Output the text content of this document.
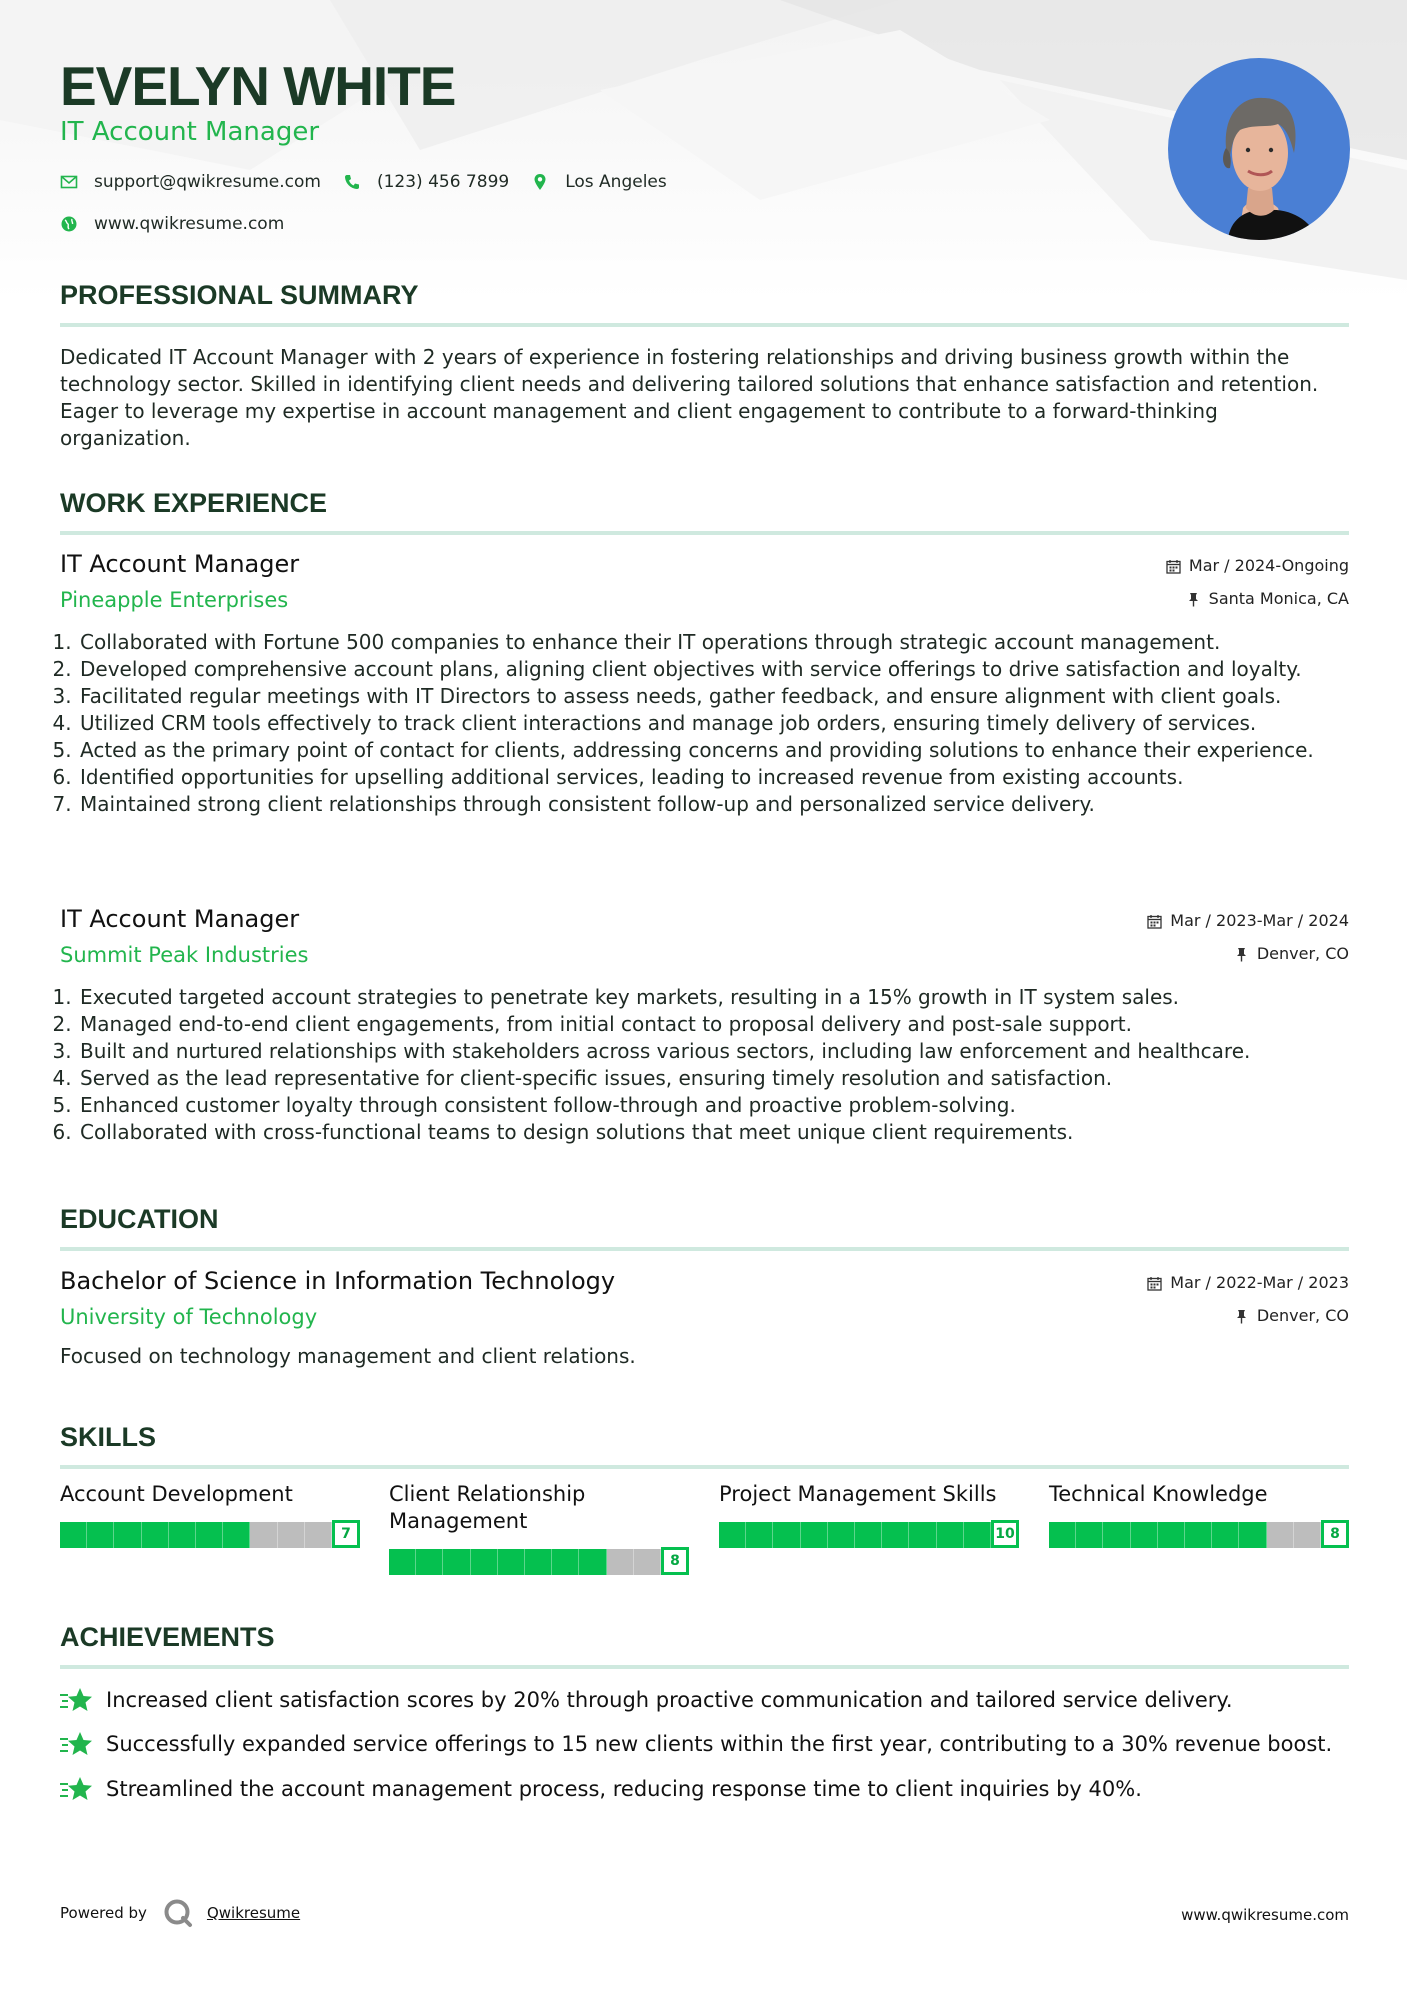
EVELYN WHITE
IT Account Manager
support@qwikresume.com	(123) 456 7899	Los Angeles
www.qwikresume.com
PROFESSIONAL SUMMARY

Dedicated IT Account Manager with 2 years of experience in fostering relationships and driving business growth within the technology sector. Skilled in identifying client needs and delivering tailored solutions that enhance satisfaction and retention. Eager to leverage my expertise in account management and client engagement to contribute to a forward-thinking organization.

WORK EXPERIENCE
IT Account Manager
Pineapple Enterprises
Mar / 2024-Ongoing
Santa Monica, CA
1. Collaborated with Fortune 500 companies to enhance their IT operations through strategic account management.
2. Developed comprehensive account plans, aligning client objectives with service offerings to drive satisfaction and loyalty.
3. Facilitated regular meetings with IT Directors to assess needs, gather feedback, and ensure alignment with client goals.
4. Utilized CRM tools effectively to track client interactions and manage job orders, ensuring timely delivery of services.
5. Acted as the primary point of contact for clients, addressing concerns and providing solutions to enhance their experience.
6. Identified opportunities for upselling additional services, leading to increased revenue from existing accounts.
7. Maintained strong client relationships through consistent follow-up and personalized service delivery.
IT Account Manager
Summit Peak Industries
Mar / 2023-Mar / 2024
Denver, CO
1. Executed targeted account strategies to penetrate key markets, resulting in a 15% growth in IT system sales.
2. Managed end-to-end client engagements, from initial contact to proposal delivery and post-sale support.
3. Built and nurtured relationships with stakeholders across various sectors, including law enforcement and healthcare.
4. Served as the lead representative for client-specific issues, ensuring timely resolution and satisfaction.
5. Enhanced customer loyalty through consistent follow-through and proactive problem-solving.
6. Collaborated with cross-functional teams to design solutions that meet unique client requirements.
EDUCATION
Bachelor of Science in Information Technology
University of Technology
Mar / 2022-Mar / 2023
Denver, CO

Focused on technology management and client relations.

SKILLS
Account Development
7
Client Relationship Management
8
Project Management Skills
10
Technical Knowledge
8
ACHIEVEMENTS
Increased client satisfaction scores by 20% through proactive communication and tailored service delivery.
Successfully expanded service offerings to 15 new clients within the first year, contributing to a 30% revenue boost.
Streamlined the account management process, reducing response time to client inquiries by 40%.
Powered by	Qwikresume	www.qwikresume.com
